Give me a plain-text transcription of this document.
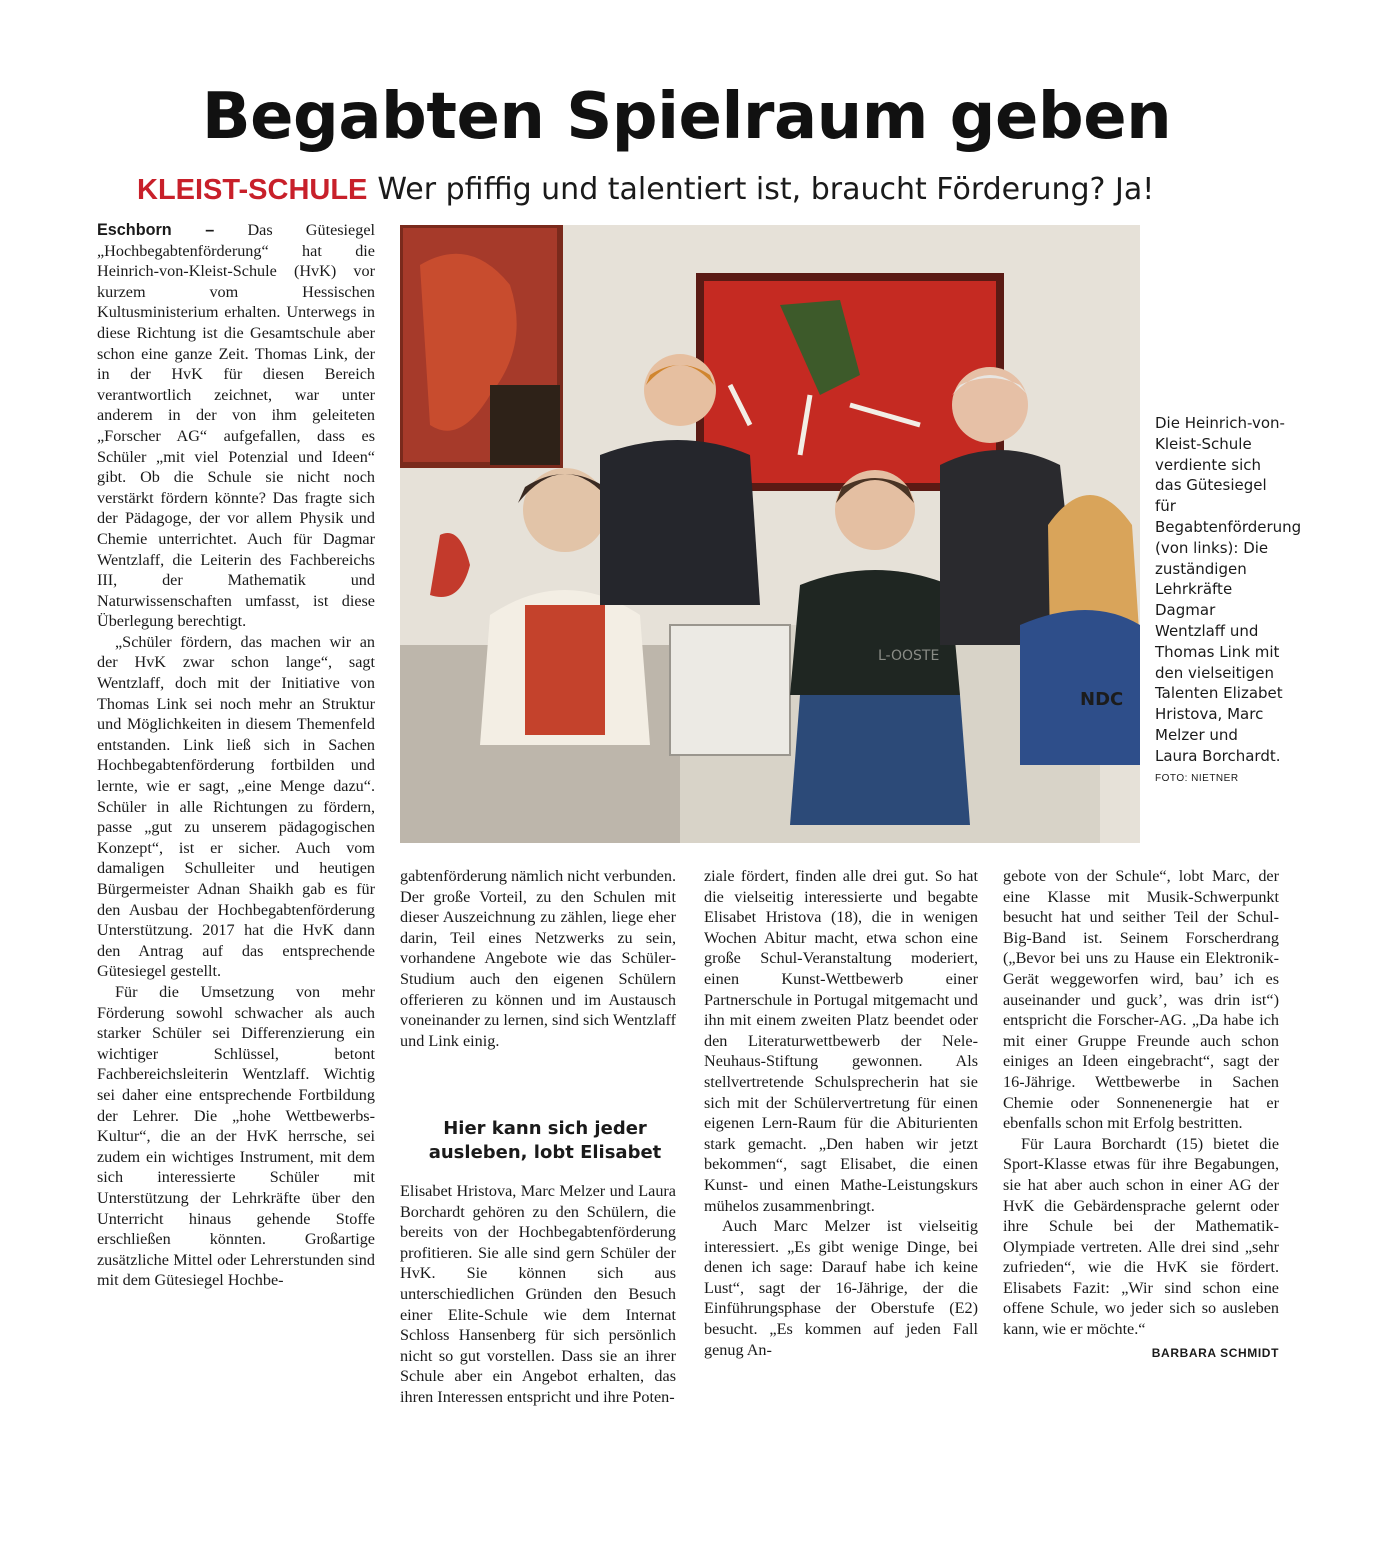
Begabten Spielraum geben
KLEIST-SCHULE Wer pfiffig und talentiert ist, braucht Förderung? Ja!

Eschborn – Das Gütesiegel „Hochbegabtenförderung“ hat die Heinrich-von-Kleist-Schule (HvK) vor kurzem vom Hessischen Kultusministerium erhalten. Unterwegs in diese Richtung ist die Gesamtschule aber schon eine ganze Zeit. Thomas Link, der in der HvK für diesen Bereich verantwortlich zeichnet, war unter anderem in der von ihm geleiteten „Forscher AG“ aufgefallen, dass es Schüler „mit viel Potenzial und Ideen“ gibt. Ob die Schule sie nicht noch verstärkt fördern könnte? Das fragte sich der Pädagoge, der vor allem Physik und Chemie unterrichtet. Auch für Dagmar Wentzlaff, die Leiterin des Fachbereichs III, der Mathematik und Naturwissenschaften umfasst, ist diese Überlegung berechtigt.

„Schüler fördern, das machen wir an der HvK zwar schon lange“, sagt Wentzlaff, doch mit der Initiative von Thomas Link sei noch mehr an Struktur und Möglichkeiten in diesem Themenfeld entstanden. Link ließ sich in Sachen Hochbegabtenförderung fortbilden und lernte, wie er sagt, „eine Menge dazu“. Schüler in alle Richtungen zu fördern, passe „gut zu unserem pädagogischen Konzept“, ist er sicher. Auch vom damaligen Schulleiter und heutigen Bürgermeister Adnan Shaikh gab es für den Ausbau der Hochbegabtenförderung Unterstützung. 2017 hat die HvK dann den Antrag auf das entsprechende Gütesiegel gestellt.

Für die Umsetzung von mehr Förderung sowohl schwacher als auch starker Schüler sei Differenzierung ein wichtiger Schlüssel, betont Fachbereichsleiterin Wentzlaff. Wichtig sei daher eine entsprechende Fortbildung der Lehrer. Die „hohe Wettbewerbs-Kultur“, die an der HvK herrsche, sei zudem ein wichtiges Instrument, mit dem sich interessierte Schüler mit Unterstützung der Lehrkräfte über den Unterricht hinaus gehende Stoffe erschließen könnten. Großartige zusätzliche Mittel oder Lehrerstunden sind mit dem Gütesiegel Hochbe-

L-OOSTE
NDC
Die Heinrich-von-Kleist-Schule verdiente sich das Gütesiegel für Begabtenförderung (von links): Die zuständigen Lehrkräfte Dagmar Wentzlaff und Thomas Link mit den vielseitigen Talenten Elizabet Hristova, Marc Melzer und Laura Borchardt.
FOTO: NIETNER

gabtenförderung nämlich nicht verbunden. Der große Vorteil, zu den Schulen mit dieser Auszeichnung zu zählen, liege eher darin, Teil eines Netzwerks zu sein, vorhandene Angebote wie das Schüler-Studium auch den eigenen Schülern offerieren zu können und im Austausch voneinander zu lernen, sind sich Wentzlaff und Link einig.

Hier kann sich jeder ausleben, lobt Elisabet

Elisabet Hristova, Marc Melzer und Laura Borchardt gehören zu den Schülern, die bereits von der Hochbegabtenförderung profitieren. Sie alle sind gern Schüler der HvK. Sie können sich aus unterschiedlichen Gründen den Besuch einer Elite-Schule wie dem Internat Schloss Hansenberg für sich persönlich nicht so gut vorstellen. Dass sie an ihrer Schule aber ein Angebot erhalten, das ihren Interessen entspricht und ihre Poten-

ziale fördert, finden alle drei gut. So hat die vielseitig interessierte und begabte Elisabet Hristova (18), die in wenigen Wochen Abitur macht, etwa schon eine große Schul-Veranstaltung moderiert, einen Kunst-Wettbewerb einer Partnerschule in Portugal mitgemacht und ihn mit einem zweiten Platz beendet oder den Literaturwettbewerb der Nele-Neuhaus-Stiftung gewonnen. Als stellvertretende Schulsprecherin hat sie sich mit der Schülervertretung für einen eigenen Lern-Raum für die Abiturienten stark gemacht. „Den haben wir jetzt bekommen“, sagt Elisabet, die einen Kunst- und einen Mathe-Leistungskurs mühelos zusammenbringt.

Auch Marc Melzer ist vielseitig interessiert. „Es gibt wenige Dinge, bei denen ich sage: Darauf habe ich keine Lust“, sagt der 16-Jährige, der die Einführungsphase der Oberstufe (E2) besucht. „Es kommen auf jeden Fall genug An-

gebote von der Schule“, lobt Marc, der eine Klasse mit Musik-Schwerpunkt besucht hat und seither Teil der Schul-Big-Band ist. Seinem Forscherdrang („Bevor bei uns zu Hause ein Elektronik-Gerät weggeworfen wird, bau’ ich es auseinander und guck’, was drin ist“) entspricht die Forscher-AG. „Da habe ich mit einer Gruppe Freunde auch schon einiges an Ideen eingebracht“, sagt der 16-Jährige. Wettbewerbe in Sachen Chemie oder Sonnenenergie hat er ebenfalls schon mit Erfolg bestritten.

Für Laura Borchardt (15) bietet die Sport-Klasse etwas für ihre Begabungen, sie hat aber auch schon in einer AG der HvK die Gebärdensprache gelernt oder ihre Schule bei der Mathematik-Olympiade vertreten. Alle drei sind „sehr zufrieden“, wie die HvK sie fördert. Elisabets Fazit: „Wir sind schon eine offene Schule, wo jeder sich so ausleben kann, wie er möchte.“
BARBARA SCHMIDT
